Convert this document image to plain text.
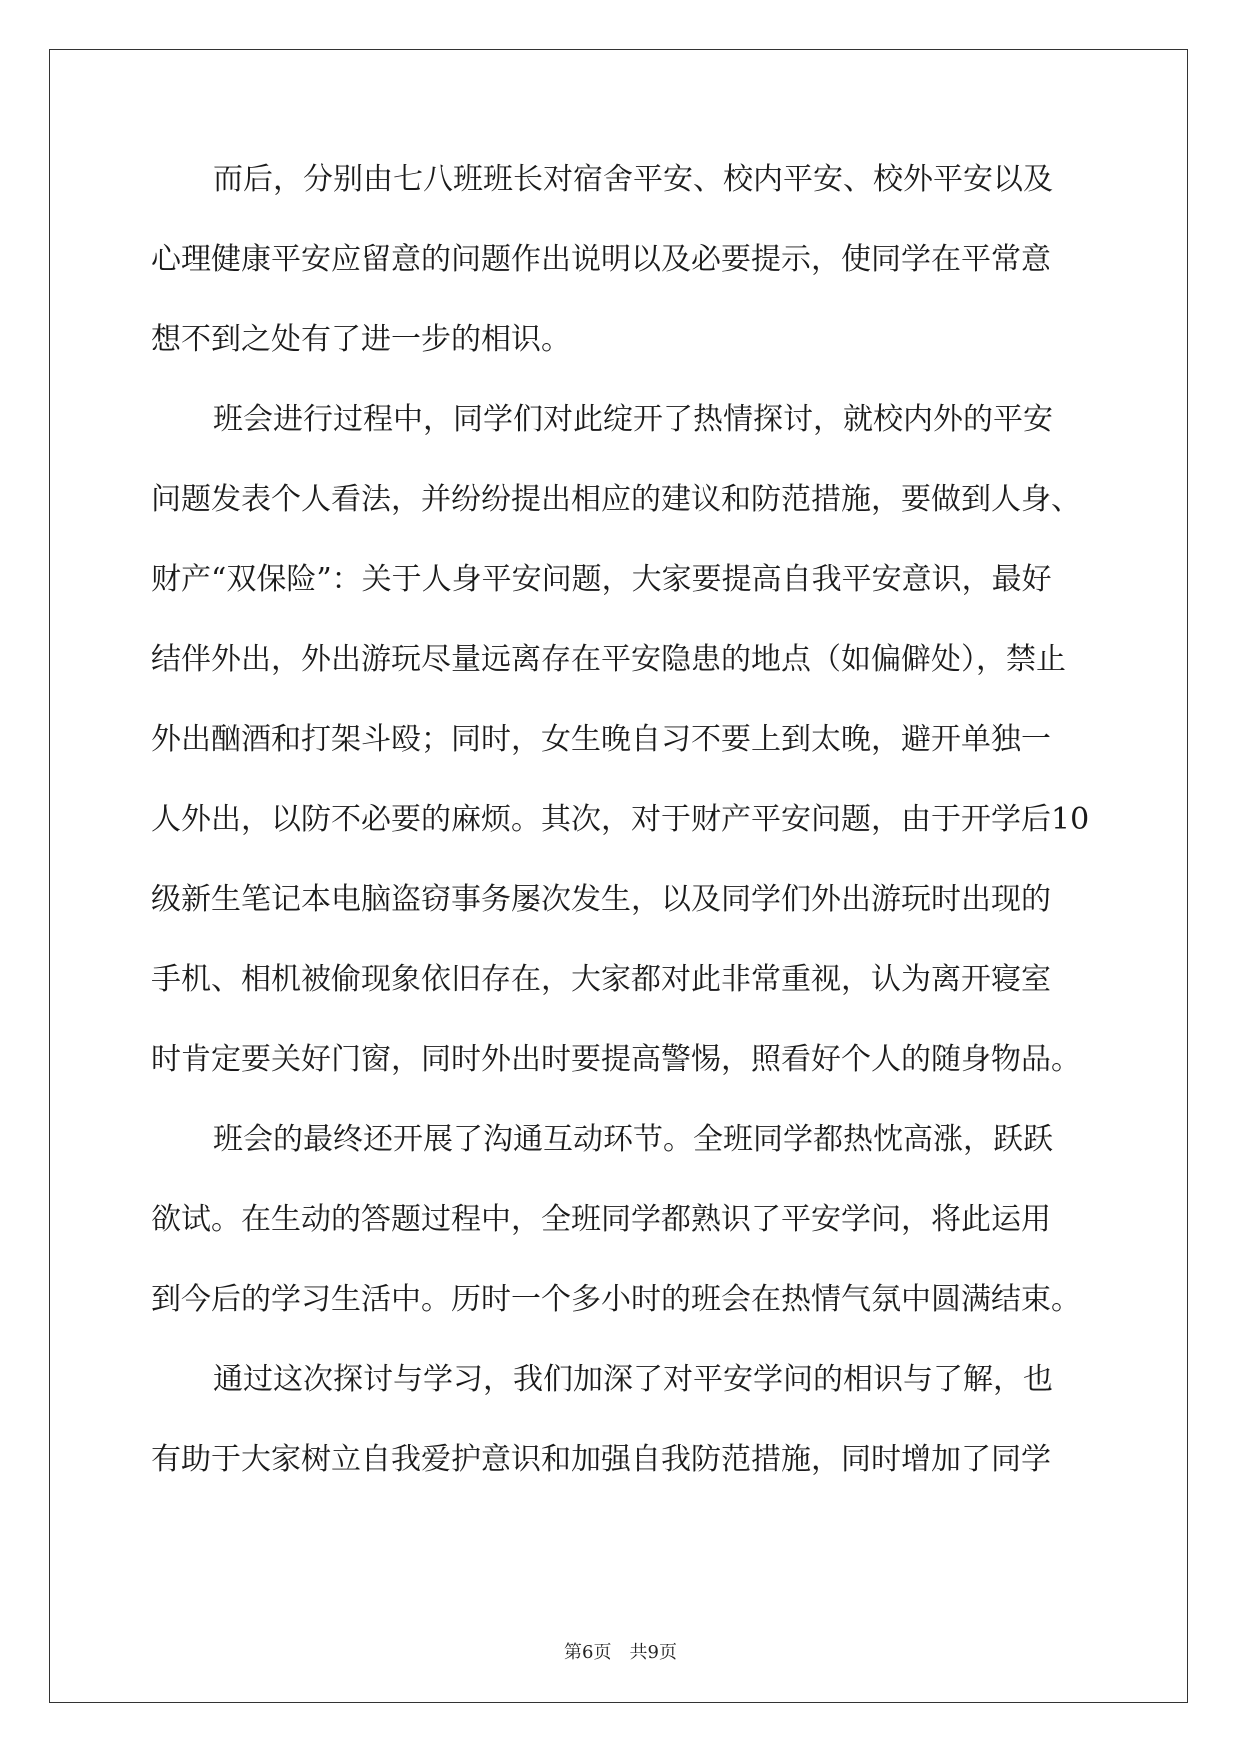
而后，分别由七八班班长对宿舍平安、校内平安、校外平安以及
心理健康平安应留意的问题作出说明以及必要提示，使同学在平常意
想不到之处有了进一步的相识。
班会进行过程中，同学们对此绽开了热情探讨，就校内外的平安
问题发表个人看法，并纷纷提出相应的建议和防范措施，要做到人身、
财产“双保险”：关于人身平安问题，大家要提高自我平安意识，最好
结伴外出，外出游玩尽量远离存在平安隐患的地点（如偏僻处），禁止
外出酗酒和打架斗殴；同时，女生晚自习不要上到太晚，避开单独一
人外出，以防不必要的麻烦。其次，对于财产平安问题，由于开学后10
级新生笔记本电脑盗窃事务屡次发生，以及同学们外出游玩时出现的
手机、相机被偷现象依旧存在，大家都对此非常重视，认为离开寝室
时肯定要关好门窗，同时外出时要提高警惕，照看好个人的随身物品。
班会的最终还开展了沟通互动环节。全班同学都热忱高涨，跃跃
欲试。在生动的答题过程中，全班同学都熟识了平安学问，将此运用
到今后的学习生活中。历时一个多小时的班会在热情气氛中圆满结束。
通过这次探讨与学习，我们加深了对平安学问的相识与了解，也
有助于大家树立自我爱护意识和加强自我防范措施，同时增加了同学
第6页　共9页
